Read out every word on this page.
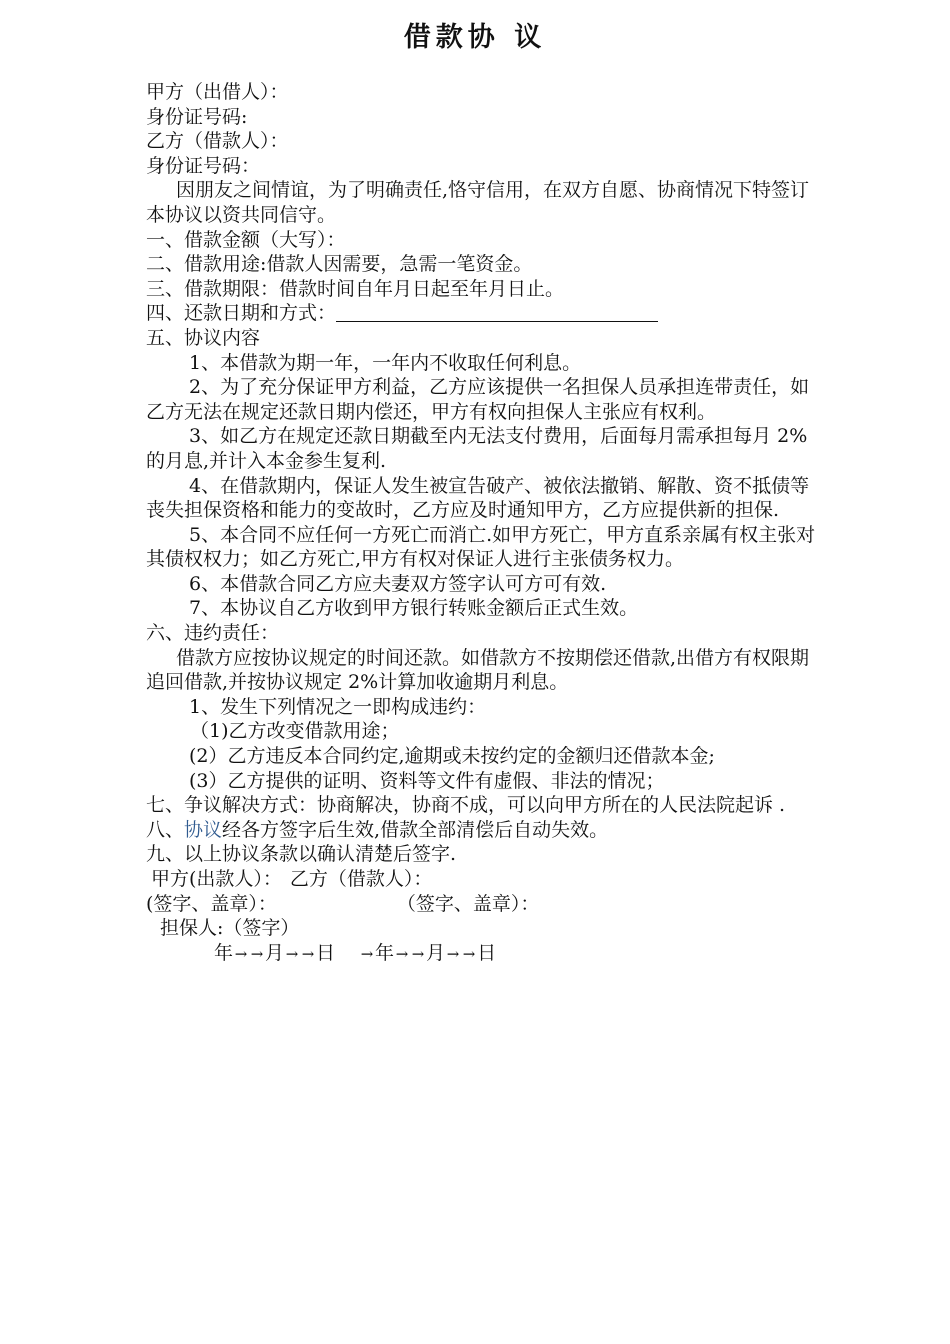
借款协 议

甲方（出借人）：

身份证号码:

乙方（借款人）：

身份证号码：

因朋友之间情谊，为了明确责任,恪守信用，在双方自愿、协商情况下特签订本协议以资共同信守。

一、借款金额（大写）：

二、借款用途:借款人因需要，急需一笔资金。

三、借款期限：借款时间自年月日起至年月日止。

四、还款日期和方式：

五、协议内容

1、本借款为期一年，一年内不收取任何利息。

2、为了充分保证甲方利益，乙方应该提供一名担保人员承担连带责任，如乙方无法在规定还款日期内偿还，甲方有权向担保人主张应有权利。

3、如乙方在规定还款日期截至内无法支付费用，后面每月需承担每月 2%的月息,并计入本金参生复利.

4、在借款期内，保证人发生被宣告破产、被依法撤销、解散、资不抵债等丧失担保资格和能力的变故时，乙方应及时通知甲方，乙方应提供新的担保.

5、本合同不应任何一方死亡而消亡.如甲方死亡，甲方直系亲属有权主张对其债权权力；如乙方死亡,甲方有权对保证人进行主张债务权力。

6、本借款合同乙方应夫妻双方签字认可方可有效.

7、本协议自乙方收到甲方银行转账金额后正式生效。

六、违约责任：

借款方应按协议规定的时间还款。如借款方不按期偿还借款,出借方有权限期追回借款,并按协议规定 2%计算加收逾期月利息。

1、发生下列情况之一即构成违约：

（1)乙方改变借款用途；

(2）乙方违反本合同约定,逾期或未按约定的金额归还借款本金;

(3）乙方提供的证明、资料等文件有虚假、非法的情况；

七、争议解决方式：协商解决，协商不成，可以向甲方所在的人民法院起诉 .

八、协议经各方签字后生效,借款全部清偿后自动失效。

九、以上协议条款以确认清楚后签字.

甲方(出款人）： 乙方（借款人）：

(签字、盖章）：	（签字、盖章）：

担保人:（签字）

年 → →月 → →日 →年 → →月 → →日
